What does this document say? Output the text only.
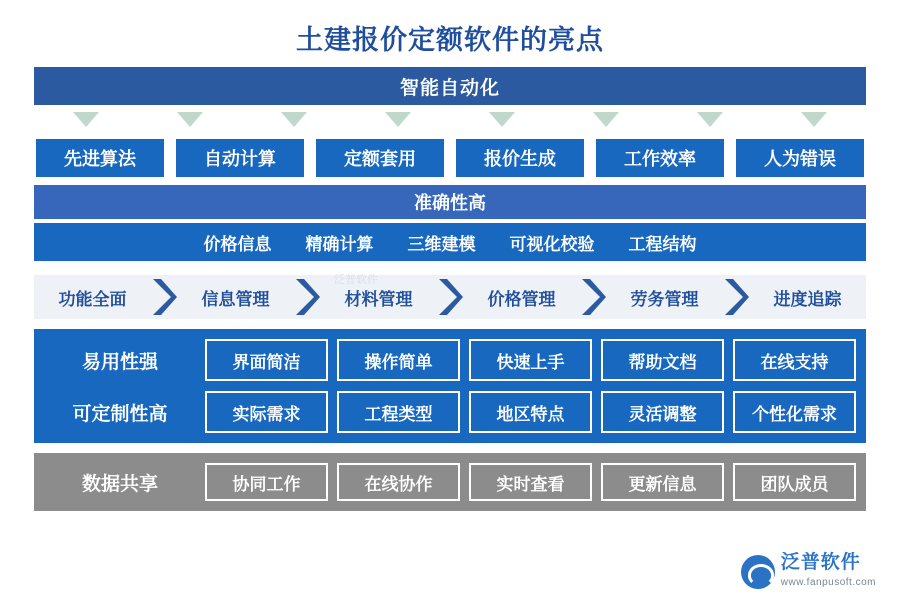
土建报价定额软件的亮点
智能自动化
先进算法	自动计算	定额套用	报价生成	工作效率	人为错误
准确性高
价格信息 精确计算 三维建模 可视化校验 工程结构
泛普软件
功能全面	信息管理	材料管理	价格管理	劳务管理	进度追踪
易用性强	界面简洁	操作简单	快速上手	帮助文档	在线支持
可定制性高	实际需求	工程类型	地区特点	灵活调整	个性化需求
数据共享	协同工作	在线协作	实时查看	更新信息	团队成员
泛普软件
www.fanpusoft.com
